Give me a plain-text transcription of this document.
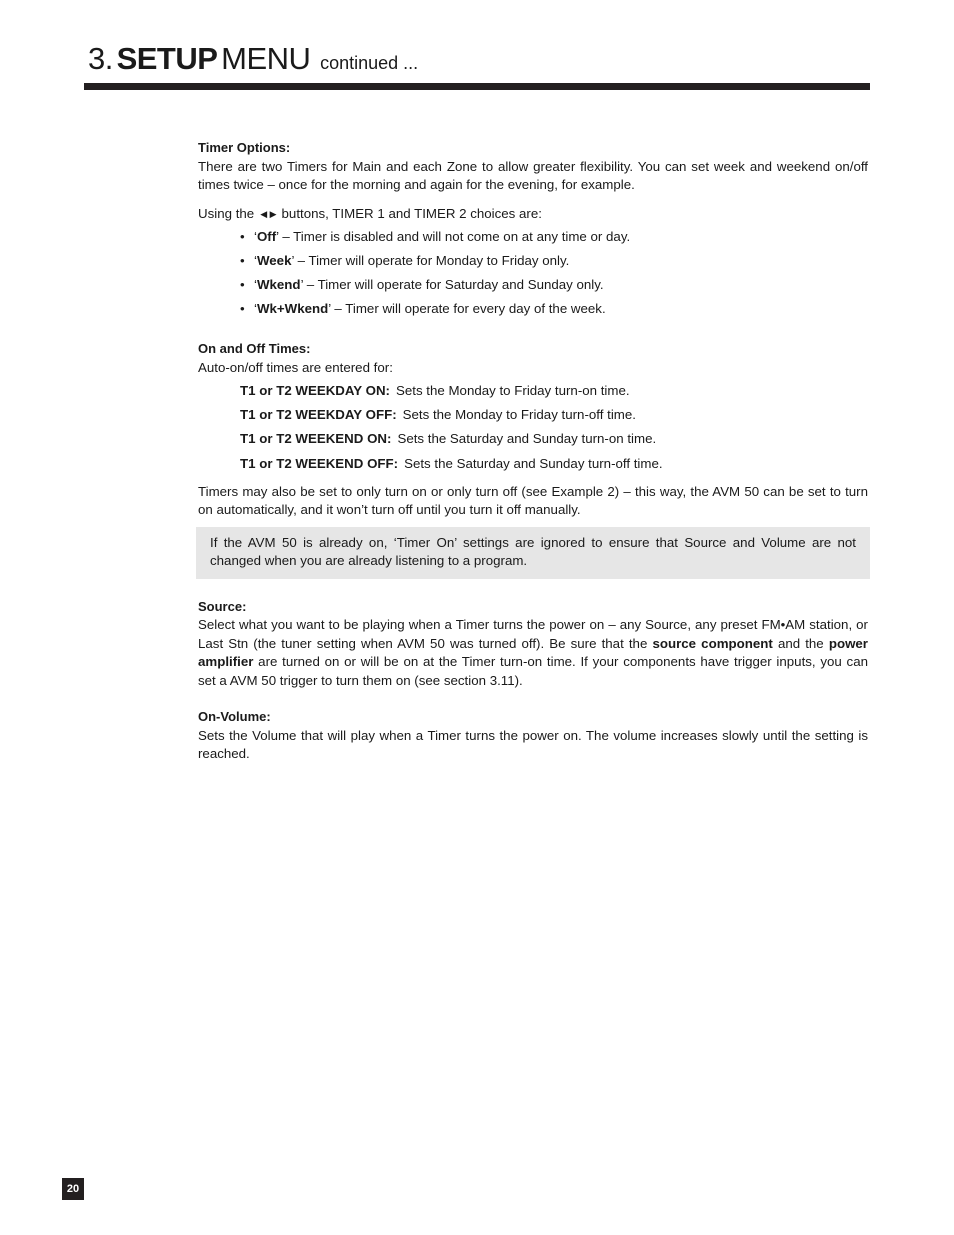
3. SETUP MENU continued ...
Timer Options:

There are two Timers for Main and each Zone to allow greater flexibility. You can set week and weekend on/off times twice – once for the morning and again for the evening, for example.

Using the ◀ ▶ buttons, TIMER 1 and TIMER 2 choices are:

• ‘Off’ – Timer is disabled and will not come on at any time or day.
• ‘Week’ – Timer will operate for Monday to Friday only.
• ‘Wkend’ – Timer will operate for Saturday and Sunday only.
• ‘Wk+Wkend’ – Timer will operate for every day of the week.
On and Off Times:

Auto-on/off times are entered for:

T1 or T2 WEEKDAY ON: Sets the Monday to Friday turn-on time.
T1 or T2 WEEKDAY OFF: Sets the Monday to Friday turn-off time.
T1 or T2 WEEKEND ON: Sets the Saturday and Sunday turn-on time.
T1 or T2 WEEKEND OFF: Sets the Saturday and Sunday turn-off time.

Timers may also be set to only turn on or only turn off (see Example 2) – this way, the AVM 50 can be set to turn on automatically, and it won’t turn off until you turn it off manually.

If the AVM 50 is already on, ‘Timer On’ settings are ignored to ensure that Source and Volume are not changed when you are already listening to a program.

Source:

Select what you want to be playing when a Timer turns the power on – any Source, any preset FM•AM station, or Last Stn (the tuner setting when AVM 50 was turned off). Be sure that the source component and the power amplifier are turned on or will be on at the Timer turn-on time. If your components have trigger inputs, you can set a AVM 50 trigger to turn them on (see section 3.11).

On-Volume:

Sets the Volume that will play when a Timer turns the power on. The volume increases slowly until the setting is reached.

20
